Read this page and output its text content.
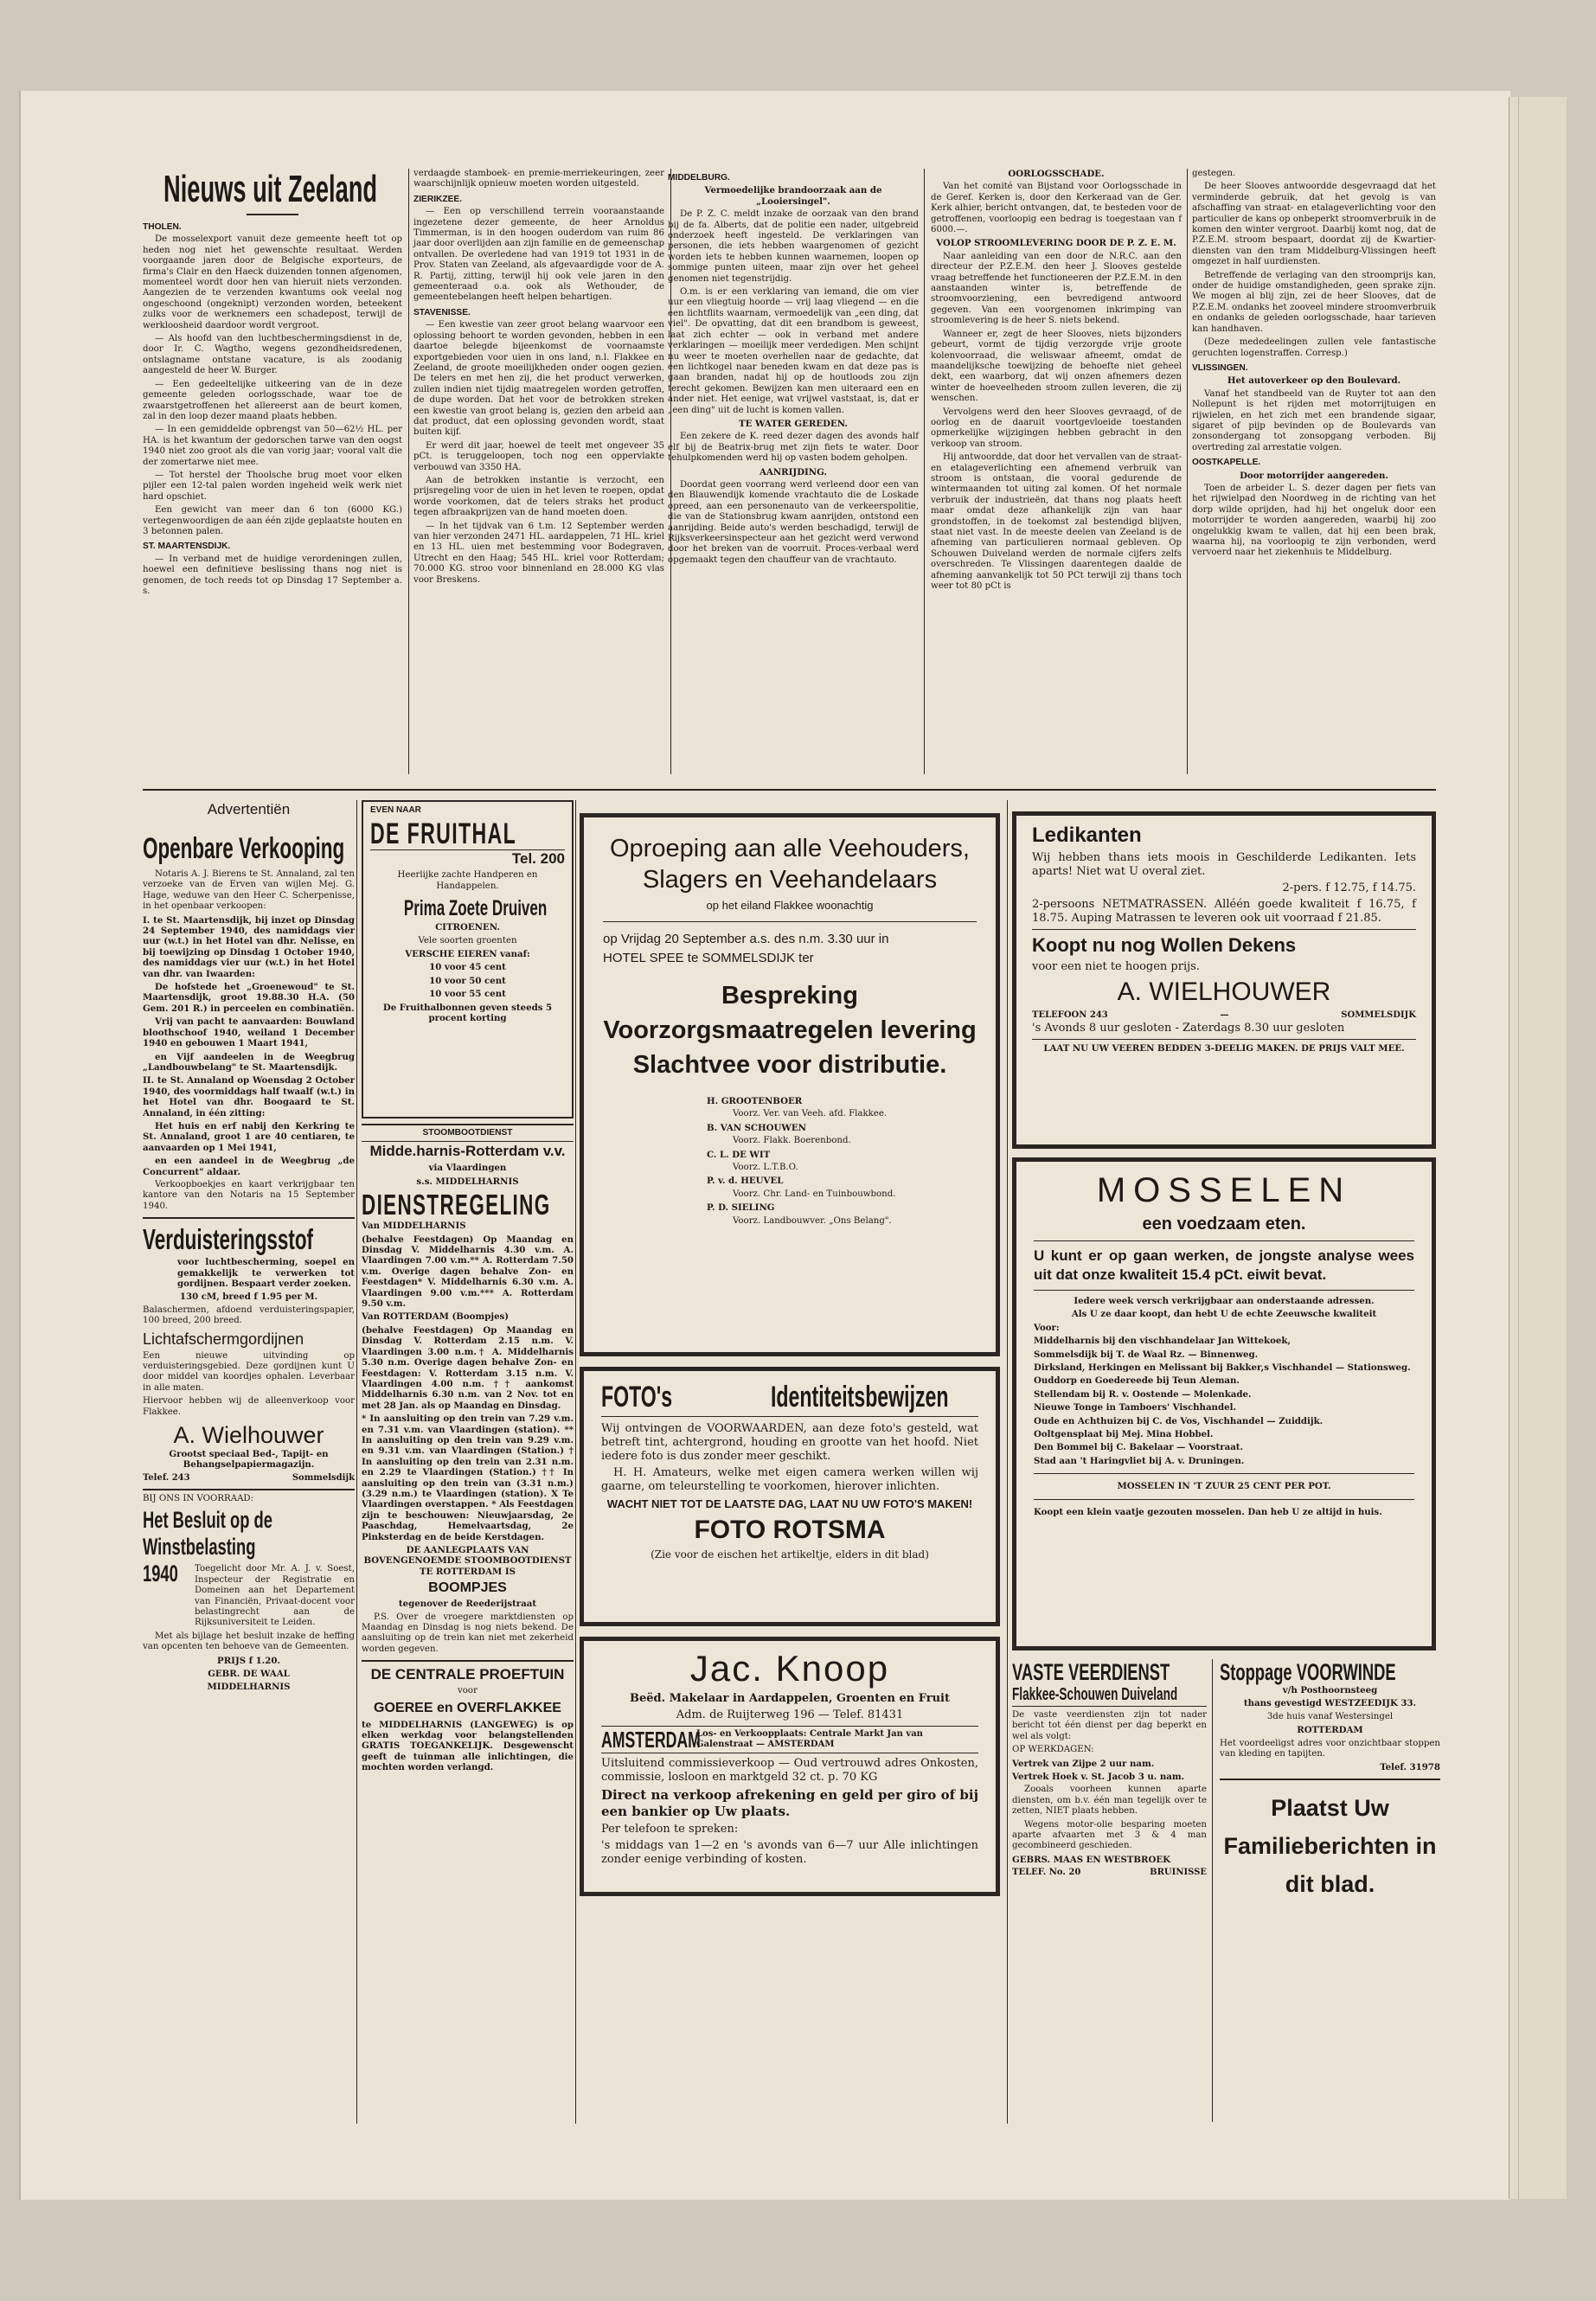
Nieuws uit Zeeland

THOLEN.

De mosselexport vanuit deze gemeente heeft tot op heden nog niet het gewenschte resultaat. Werden voorgaande jaren door de Belgische exporteurs, de firma's Clair en den Haeck duizenden tonnen afgenomen, momenteel wordt door hen van hieruit niets verzonden. Aangezien de te verzenden kwantums ook veelal nog ongeschoond (ongeknipt) verzonden worden, beteekent zulks voor de werknemers een schadepost, terwijl de werkloosheid daardoor wordt vergroot.

— Als hoofd van den luchtbeschermingsdienst in de, door Ir. C. Wagtho, wegens gezondheidsredenen, ontslagname ontstane vacature, is als zoodanig aangesteld de heer W. Burger.

— Een gedeeltelijke uitkeering van de in deze gemeente geleden oorlogsschade, waar toe de zwaarstgetroffenen het allereerst aan de beurt komen, zal in den loop dezer maand plaats hebben.

— In een gemiddelde opbrengst van 50—62½ HL. per HA. is het kwantum der gedorschen tarwe van den oogst 1940 niet zoo groot als die van vorig jaar; vooral valt die der zomertarwe niet mee.

— Tot herstel der Thoolsche brug moet voor elken pijler een 12-tal palen worden ingeheid welk werk niet hard opschiet.

Een gewicht van meer dan 6 ton (6000 KG.) vertegenwoordigen de aan één zijde geplaatste houten en 3 betonnen palen.

ST. MAARTENSDIJK.

— In verband met de huidige verordeningen zullen, hoewel een definitieve beslissing thans nog niet is genomen, de toch reeds tot op Dinsdag 17 September a. s.

verdaagde stamboek- en premie-merriekeuringen, zeer waarschijnlijk opnieuw moeten worden uitgesteld.

ZIERIKZEE.

— Een op verschillend terrein vooraanstaande ingezetene dezer gemeente, de heer Arnoldus Timmerman, is in den hoogen ouderdom van ruim 86 jaar door overlijden aan zijn familie en de gemeenschap ontvallen. De overledene had van 1919 tot 1931 in de Prov. Staten van Zeeland, als afgevaardigde voor de A. R. Partij, zitting, terwijl hij ook vele jaren in den gemeenteraad o.a. ook als Wethouder, de gemeentebelangen heeft helpen behartigen.

STAVENISSE.

— Een kwestie van zeer groot belang waarvoor een oplossing behoort te worden gevonden, hebben in een daartoe belegde bijeenkomst de voornaamste exportgebieden voor uien in ons land, n.l. Flakkee en Zeeland, de groote moeilijkheden onder oogen gezien. De telers en met hen zij, die het product verwerken, zullen indien niet tijdig maatregelen worden getroffen, de dupe worden. Dat het voor de betrokken streken een kwestie van groot belang is, gezien den arbeid aan dat product, dat een oplossing gevonden wordt, staat buiten kijf.

Er werd dit jaar, hoewel de teelt met ongeveer 35 pCt. is teruggeloopen, toch nog een oppervlakte verbouwd van 3350 HA.

Aan de betrokken instantie is verzocht, een prijsregeling voor de uien in het leven te roepen, opdat worde voorkomen, dat de telers straks het product tegen afbraakprijzen van de hand moeten doen.

— In het tijdvak van 6 t.m. 12 September werden van hier verzonden 2471 HL. aardappelen, 71 HL. kriel en 13 HL. uien met bestemming voor Bodegraven, Utrecht en den Haag; 545 HL. kriel voor Rotterdam; 70.000 KG. stroo voor binnenland en 28.000 KG vlas voor Breskens.

MIDDELBURG.

Vermoedelijke brandoorzaak aan de „Looiersingel".

De P. Z. C. meldt inzake de oorzaak van den brand bij de fa. Alberts, dat de politie een nader, uitgebreid onderzoek heeft ingesteld. De verklaringen van personen, die iets hebben waargenomen of gezicht worden iets te hebben kunnen waarnemen, loopen op sommige punten uiteen, maar zijn over het geheel genomen niet tegenstrijdig.

O.m. is er een verklaring van iemand, die om vier uur een vliegtuig hoorde — vrij laag vliegend — en die een lichtflits waarnam, vermoedelijk van „een ding, dat viel". De opvatting, dat dit een brandbom is geweest, laat zich echter — ook in verband met andere verklaringen — moeilijk meer verdedigen. Men schijnt nu weer te moeten overhellen naar de gedachte, dat een lichtkogel naar beneden kwam en dat deze pas is gaan branden, nadat hij op de houtloods zou zijn terecht gekomen. Bewijzen kan men uiteraard een en ander niet. Het eenige, wat vrijwel vaststaat, is, dat er „een ding" uit de lucht is komen vallen.

TE WATER GEREDEN.

Een zekere de K. reed dezer dagen des avonds half elf bij de Beatrix-brug met zijn fiets te water. Door tehulpkomenden werd hij op vasten bodem geholpen.

AANRIJDING.

Doordat geen voorrang werd verleend door een van den Blauwendijk komende vrachtauto die de Loskade opreed, aan een personenauto van de verkeerspolitie, die van de Stationsbrug kwam aanrijden, ontstond een aanrijding. Beide auto's werden beschadigd, terwijl de Rijksverkeersinspecteur aan het gezicht werd verwond door het breken van de voorruit. Proces-verbaal werd opgemaakt tegen den chauffeur van de vrachtauto.

OORLOGSSCHADE.

Van het comité van Bijstand voor Oorlogsschade in de Geref. Kerken is, door den Kerkeraad van de Ger. Kerk alhier, bericht ontvangen, dat, te besteden voor de getroffenen, voorloopig een bedrag is toegestaan van f 6000.—.

VOLOP STROOMLEVERING DOOR DE P. Z. E. M.

Naar aanleiding van een door de N.R.C. aan den directeur der P.Z.E.M. den heer J. Slooves gestelde vraag betreffende het functioneeren der P.Z.E.M. in den aanstaanden winter is, betreffende de stroomvoorziening, een bevredigend antwoord gegeven. Van een voorgenomen inkrimping van stroomlevering is de heer S. niets bekend.

Wanneer er, zegt de heer Slooves, niets bijzonders gebeurt, vormt de tijdig verzorgde vrije groote kolenvoorraad, die weliswaar afneemt, omdat de maandelijksche toewijzing de behoefte niet geheel dekt, een waarborg, dat wij onzen afnemers dezen winter de hoeveelheden stroom zullen leveren, die zij wenschen.

Vervolgens werd den heer Slooves gevraagd, of de oorlog en de daaruit voortgevloeide toestanden opmerkelijke wijzigingen hebben gebracht in den verkoop van stroom.

Hij antwoordde, dat door het vervallen van de straat- en etalageverlichting een afnemend verbruik van stroom is ontstaan, die vooral gedurende de wintermaanden tot uiting zal komen. Of het normale verbruik der industrieën, dat thans nog plaats heeft maar omdat deze afhankelijk zijn van haar grondstoffen, in de toekomst zal bestendigd blijven, staat niet vast. In de meeste deelen van Zeeland is de afneming van particulieren normaal gebleven. Op Schouwen Duiveland werden de normale cijfers zelfs overschreden. Te Vlissingen daarentegen daalde de afneming aanvankelijk tot 50 PCt terwijl zij thans toch weer tot 80 pCt is

gestegen.

De heer Slooves antwoordde desgevraagd dat het verminderde gebruik, dat het gevolg is van afschaffing van straat- en etalageverlichting voor den particulier de kans op onbeperkt stroomverbruik in de komen den winter vergroot. Daarbij komt nog, dat de P.Z.E.M. stroom bespaart, doordat zij de Kwartier-diensten van den tram Middelburg-Vlissingen heeft omgezet in half uurdiensten.

Betreffende de verlaging van den stroomprijs kan, onder de huidige omstandigheden, geen sprake zijn. We mogen al blij zijn, zei de heer Slooves, dat de P.Z.E.M. ondanks het zooveel mindere stroomverbruik en ondanks de geleden oorlogsschade, haar tarieven kan handhaven.

(Deze mededeelingen zullen vele fantastische geruchten logenstraffen. Corresp.)

VLISSINGEN.

Het autoverkeer op den Boulevard.

Vanaf het standbeeld van de Ruyter tot aan den Nollepunt is het rijden met motorrijtuigen en rijwielen, en het zich met een brandende sigaar, sigaret of pijp bevinden op de Boulevards van zonsondergang tot zonsopgang verboden. Bij overtreding zal arrestatie volgen.

OOSTKAPELLE.

Door motorrijder aangereden.

Toen de arbeider L. S. dezer dagen per fiets van het rijwielpad den Noordweg in de richting van het dorp wilde oprijden, had hij het ongeluk door een motorrijder te worden aangereden, waarbij hij zoo ongelukkig kwam te vallen, dat hij een been brak, waarna hij, na voorloopig te zijn verbonden, werd vervoerd naar het ziekenhuis te Middelburg.

Advertentiën

Openbare Verkooping

Notaris A. J. Bierens te St. Annaland, zal ten verzoeke van de Erven van wijlen Mej. G. Hage, weduwe van den Heer C. Scherpenisse, in het openbaar verkoopen:

I. te St. Maartensdijk, bij inzet op Dinsdag 24 September 1940, des namiddags vier uur (w.t.) in het Hotel van dhr. Nelisse, en bij toewijzing op Dinsdag 1 October 1940, des namiddags vier uur (w.t.) in het Hotel van dhr. van Iwaarden:

De hofstede het „Groenewoud" te St. Maartensdijk, groot 19.88.30 H.A. (50 Gem. 201 R.) in perceelen en combinatiën.

Vrij van pacht te aanvaarden: Bouwland bloothschoof 1940, weiland 1 December 1940 en gebouwen 1 Maart 1941,

en Vijf aandeelen in de Weegbrug „Landbouwbelang" te St. Maartensdijk.

II. te St. Annaland op Woensdag 2 October 1940, des voormiddags half twaalf (w.t.) in het Hotel van dhr. Boogaard te St. Annaland, in één zitting:

Het huis en erf nabij den Kerkring te St. Annaland, groot 1 are 40 centiaren, te aanvaarden op 1 Mei 1941,

en een aandeel in de Weegbrug „de Concurrent" aldaar.

Verkoopboekjes en kaart verkrijgbaar ten kantore van den Notaris na 15 September 1940.

Verduisteringsstof

voor luchtbescherming, soepel en gemakkelijk te verwerken tot gordijnen. Bespaart verder zoeken.

130 cM, breed f 1.95 per M.

Balaschermen, afdoend verduisteringspapier, 100 breed, 200 breed.

Lichtafschermgordijnen

Een nieuwe uitvinding op verduisteringsgebied. Deze gordijnen kunt U door middel van koordjes ophalen. Leverbaar in alle maten.

Hiervoor hebben wij de alleenverkoop voor Flakkee.

A. Wielhouwer

Grootst speciaal Bed-, Tapijt- en Behangselpapiermagazijn.

Telef. 243	Sommelsdijk

BIJ ONS IN VOORRAAD:

Het Besluit op de Winstbelasting 1940	Toegelicht door Mr. A. J. v. Soest, Inspecteur der Registratie en Domeinen aan het Departement van Financiën, Privaat-docent voor belastingrecht aan de Rijksuniversiteit te Leiden.

Met als bijlage het besluit inzake de heffing van opcenten ten behoeve van de Gemeenten.

PRIJS f 1.20.

GEBR. DE WAAL

MIDDELHARNIS

EVEN NAAR

DE FRUITHAL

Tel. 200

Heerlijke zachte Handperen en Handappelen.

Prima Zoete Druiven

CITROENEN.

Vele soorten groenten

VERSCHE EIEREN vanaf:

10 voor 45 cent

10 voor 50 cent

10 voor 55 cent

De Fruithalbonnen geven steeds 5 procent korting

STOOMBOOTDIENST

Midde.harnis-Rotterdam v.v.

via Vlaardingen

s.s. MIDDELHARNIS

DIENSTREGELING

Van MIDDELHARNIS

(behalve Feestdagen) Op Maandag en Dinsdag V. Middelharnis 4.30 v.m. A. Vlaardingen 7.00 v.m.** A. Rotterdam 7.50 v.m. Overige dagen behalve Zon- en Feestdagen* V. Middelharnis 6.30 v.m. A. Vlaardingen 9.00 v.m.*** A. Rotterdam 9.50 v.m.

Van ROTTERDAM (Boompjes)

(behalve Feestdagen) Op Maandag en Dinsdag V. Rotterdam 2.15 n.m. V. Vlaardingen 3.00 n.m.† A. Middelharnis 5.30 n.m. Overige dagen behalve Zon- en Feestdagen: V. Rotterdam 3.15 n.m. V. Vlaardingen 4.00 n.m. †† aankomst Middelharnis 6.30 n.m. van 2 Nov. tot en met 28 Jan. als op Maandag en Dinsdag.

* In aansluiting op den trein van 7.29 v.m. en 7.31 v.m. van Vlaardingen (station). ** In aansluiting op den trein van 9.29 v.m. en 9.31 v.m. van Vlaardingen (Station.) † In aansluiting op den trein van 2.31 n.m. en 2.29 te Vlaardingen (Station.) †† In aansluiting op den trein van (3.31 n.m.) (3.29 n.m.) te Vlaardingen (station). X Te Vlaardingen overstappen. * Als Feestdagen zijn te beschouwen: Nieuwjaarsdag, 2e Paaschdag, Hemelvaartsdag, 2e Pinksterdag en de beide Kerstdagen.

DE AANLEGPLAATS VAN BOVENGENOEMDE STOOMBOOTDIENST TE ROTTERDAM IS

BOOMPJES

tegenover de Reederijstraat

P.S. Over de vroegere marktdiensten op Maandag en Dinsdag is nog niets bekend. De aansluiting op de trein kan niet met zekerheid worden gegeven.

DE CENTRALE PROEFTUIN

voor

GOEREE en OVERFLAKKEE

te MIDDELHARNIS (LANGEWEG) is op elken werkdag voor belangstellenden GRATIS TOEGANKELIJK. Desgewenscht geeft de tuinman alle inlichtingen, die mochten worden verlangd.

Oproeping aan alle Veehouders, Slagers en Veehandelaars

op het eiland Flakkee woonachtig

op Vrijdag 20 September a.s. des n.m. 3.30 uur in

HOTEL SPEE te SOMMELSDIJK ter

Bespreking Voorzorgsmaatregelen levering Slachtvee voor distributie.

H. GROOTENBOER

Voorz. Ver. van Veeh. afd. Flakkee.

B. VAN SCHOUWEN

Voorz. Flakk. Boerenbond.

C. L. DE WIT

Voorz. L.T.B.O.

P. v. d. HEUVEL

Voorz. Chr. Land- en Tuinbouwbond.

P. D. SIELING

Voorz. Landbouwver. „Ons Belang".

FOTO's	Identiteitsbewijzen

Wij ontvingen de VOORWAARDEN, aan deze foto's gesteld, wat betreft tint, achtergrond, houding en grootte van het hoofd. Niet iedere foto is dus zonder meer geschikt.

H. H. Amateurs, welke met eigen camera werken willen wij gaarne, om teleurstelling te voorkomen, hierover inlichten.

WACHT NIET TOT DE LAATSTE DAG, LAAT NU UW FOTO'S MAKEN!

FOTO ROTSMA

(Zie voor de eischen het artikeltje, elders in dit blad)

Jac. Knoop

Beëd. Makelaar in Aardappelen, Groenten en Fruit

Adm. de Ruijterweg 196 — Telef. 81431

AMSTERDAM
Los- en Verkoopplaats: Centrale Markt Jan van Galenstraat — AMSTERDAM

Uitsluitend commissieverkoop — Oud vertrouwd adres Onkosten, commissie, losloon en marktgeld 32 ct. p. 70 KG

Direct na verkoop afrekening en geld per giro of bij een bankier op Uw plaats.

Per telefoon te spreken:

's middags van 1—2 en 's avonds van 6—7 uur Alle inlichtingen zonder eenige verbinding of kosten.

Ledikanten

Wij hebben thans iets moois in Geschilderde Ledikanten. Iets aparts! Niet wat U overal ziet.

2-pers. f 12.75, f 14.75.

2-persoons NETMATRASSEN. Alléén goede kwaliteit f 16.75, f 18.75. Auping Matrassen te leveren ook uit voorraad f 21.85.

Koopt nu nog Wollen Dekens

voor een niet te hoogen prijs.

A. WIELHOUWER

TELEFOON 243	—	SOMMELSDIJK

's Avonds 8 uur gesloten - Zaterdags 8.30 uur gesloten

LAAT NU UW VEEREN BEDDEN 3-DEELIG MAKEN. DE PRIJS VALT MEE.

MOSSELEN

een voedzaam eten.

U kunt er op gaan werken, de jongste analyse wees uit dat onze kwaliteit 15.4 pCt. eiwit bevat.

Iedere week versch verkrijgbaar aan onderstaande adressen.

Als U ze daar koopt, dan hebt U de echte Zeeuwsche kwaliteit

Voor:

Middelharnis bij den vischhandelaar Jan Wittekoek,

Sommelsdijk bij T. de Waal Rz. — Binnenweg.

Dirksland, Herkingen en Melissant bij Bakker,s Vischhandel — Stationsweg.

Ouddorp en Goedereede bij Teun Aleman.

Stellendam bij R. v. Oostende — Molenkade.

Nieuwe Tonge in Tamboers' Vischhandel.

Oude en Achthuizen bij C. de Vos, Vischhandel — Zuiddijk.

Ooltgensplaat bij Mej. Mina Hobbel.

Den Bommel bij C. Bakelaar — Voorstraat.

Stad aan 't Haringvliet bij A. v. Druningen.

MOSSELEN IN 'T ZUUR 25 CENT PER POT.

Koopt een klein vaatje gezouten mosselen. Dan heb U ze altijd in huis.

VASTE VEERDIENST
Flakkee-Schouwen Duiveland

De vaste veerdiensten zijn tot nader bericht tot één dienst per dag beperkt en wel als volgt:

OP WERKDAGEN:

Vertrek van Zijpe 2 uur nam.

Vertrek Hoek v. St. Jacob 3 u. nam.

Zooals voorheen kunnen aparte diensten, om b.v. één man tegelijk over te zetten, NIET plaats hebben.

Wegens motor-olie besparing moeten aparte afvaarten met 3 & 4 man gecombineerd geschieden.

GEBRS. MAAS EN WESTBROEK

TELEF. No. 20	BRUINISSE
Stoppage VOORWINDE

v/h Posthoornsteeg

thans gevestigd WESTZEEDIJK 33.

3de huis vanaf Westersingel

ROTTERDAM

Het voordeeligst adres voor onzichtbaar stoppen van kleding en tapijten.

Telef. 31978

Plaatst Uw Familieberichten in dit blad.
